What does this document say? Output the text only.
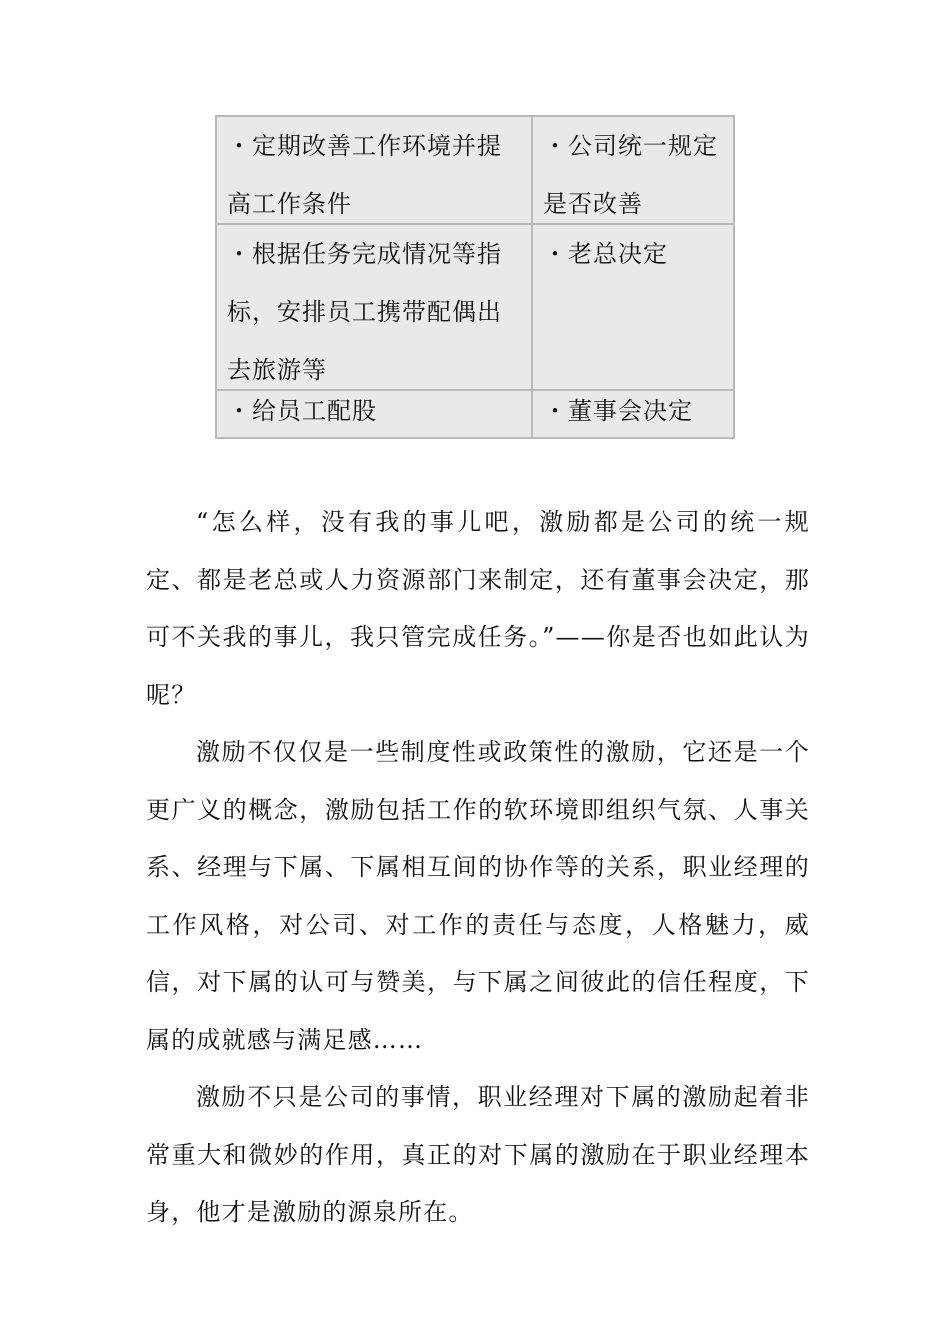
・定期改善工作环境并提高工作条件
・公司统一规定是否改善
・根据任务完成情况等指标，安排员工携带配偶出去旅游等
・老总决定
・给员工配股	・董事会决定

“怎么样，没有我的事儿吧，激励都是公司的统一规定、都是老总或人力资源部门来制定，还有董事会决定，那可不关我的事儿，我只管完成任务。”——你是否也如此认为呢？

激励不仅仅是一些制度性或政策性的激励，它还是一个更广义的概念，激励包括工作的软环境即组织气氛、人事关系、经理与下属、下属相互间的协作等的关系，职业经理的工作风格，对公司、对工作的责任与态度，人格魅力，威信，对下属的认可与赞美，与下属之间彼此的信任程度，下属的成就感与满足感……

激励不只是公司的事情，职业经理对下属的激励起着非常重大和微妙的作用，真正的对下属的激励在于职业经理本身，他才是激励的源泉所在。
